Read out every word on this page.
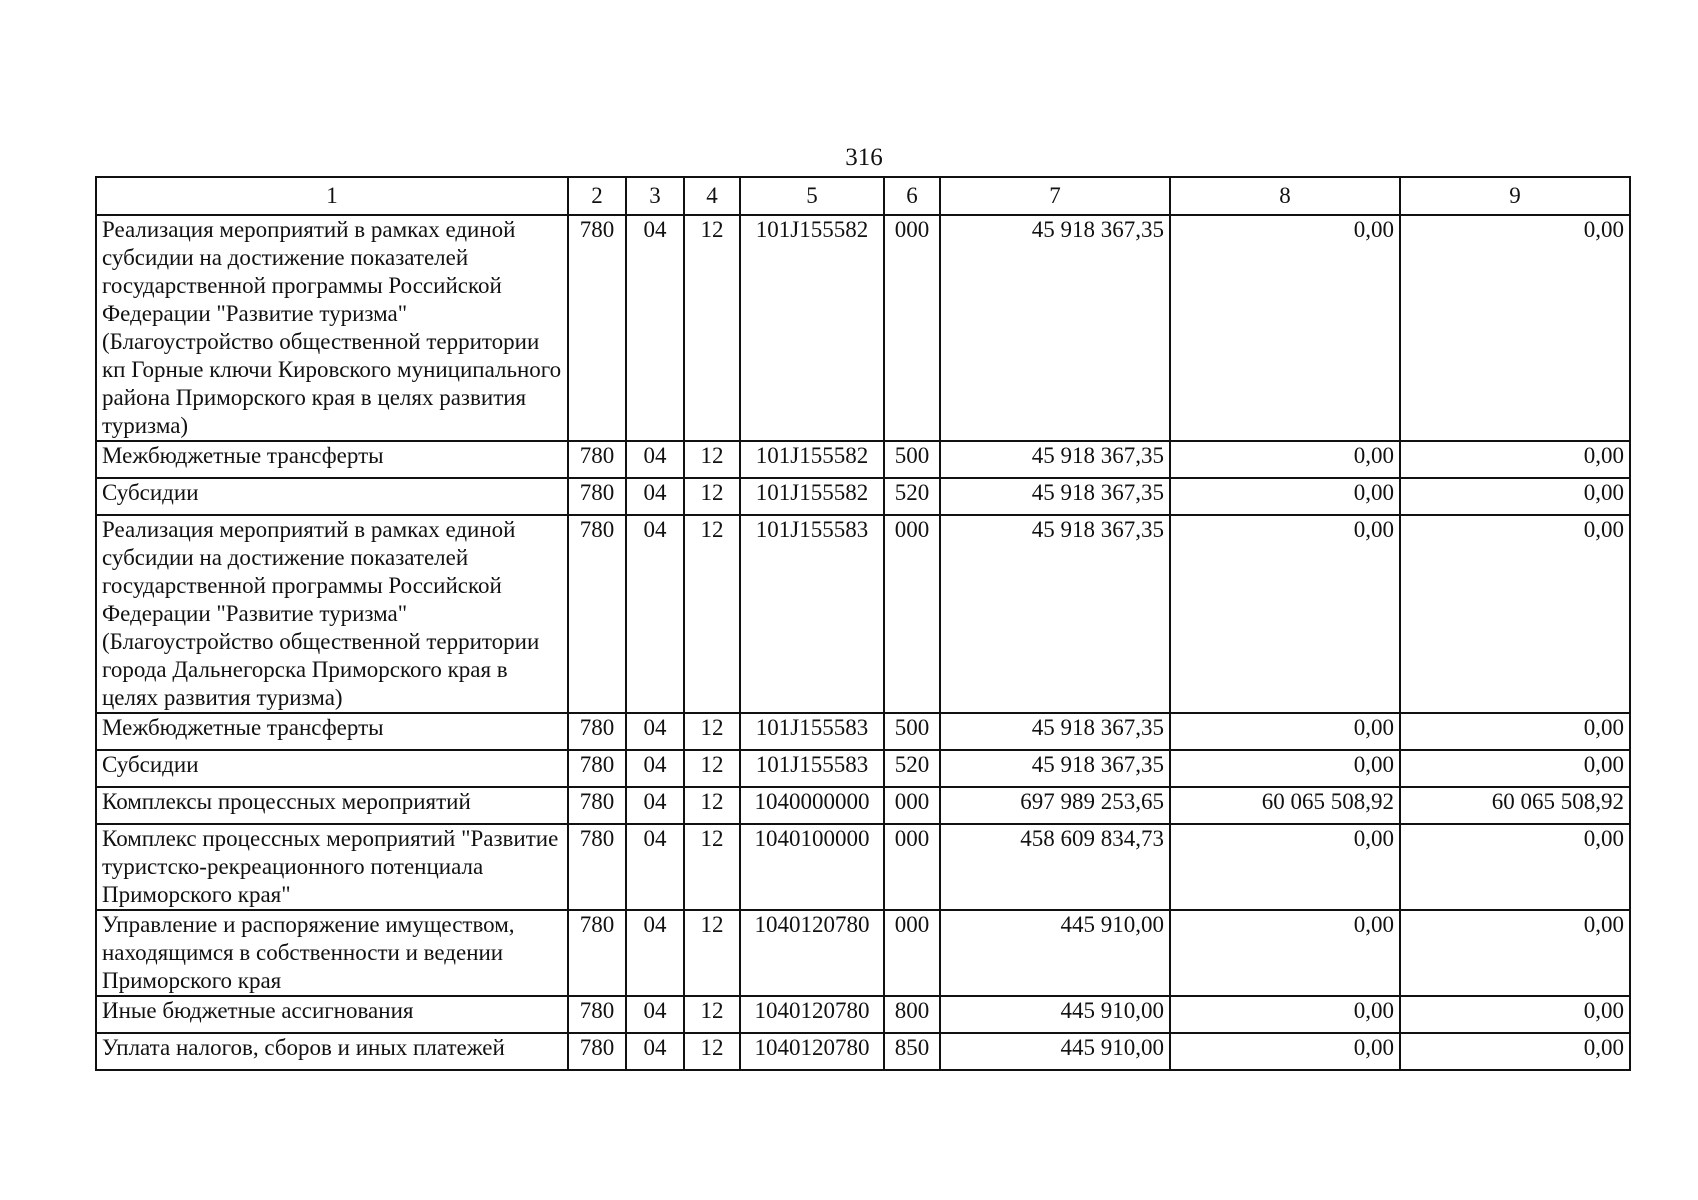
316
1	2	3	4	5	6	7	8	9
Реализация мероприятий в рамках единой субсидии на достижение показателей государственной программы Российской Федерации "Развитие туризма" (Благоустройство общественной территории кп Горные ключи Кировского муниципального района Приморского края в целях развития туризма)	780	04	12	101J155582	000	45 918 367,35	0,00	0,00
Межбюджетные трансферты	780	04	12	101J155582	500	45 918 367,35	0,00	0,00
Субсидии	780	04	12	101J155582	520	45 918 367,35	0,00	0,00
Реализация мероприятий в рамках единой субсидии на достижение показателей государственной программы Российской Федерации "Развитие туризма" (Благоустройство общественной территории города Дальнегорска Приморского края в целях развития туризма)	780	04	12	101J155583	000	45 918 367,35	0,00	0,00
Межбюджетные трансферты	780	04	12	101J155583	500	45 918 367,35	0,00	0,00
Субсидии	780	04	12	101J155583	520	45 918 367,35	0,00	0,00
Комплексы процессных мероприятий	780	04	12	1040000000	000	697 989 253,65	60 065 508,92	60 065 508,92
Комплекс процессных мероприятий "Развитие туристско-рекреационного потенциала Приморского края"	780	04	12	1040100000	000	458 609 834,73	0,00	0,00
Управление и распоряжение имуществом, находящимся в собственности и ведении Приморского края	780	04	12	1040120780	000	445 910,00	0,00	0,00
Иные бюджетные ассигнования	780	04	12	1040120780	800	445 910,00	0,00	0,00
Уплата налогов, сборов и иных платежей	780	04	12	1040120780	850	445 910,00	0,00	0,00
